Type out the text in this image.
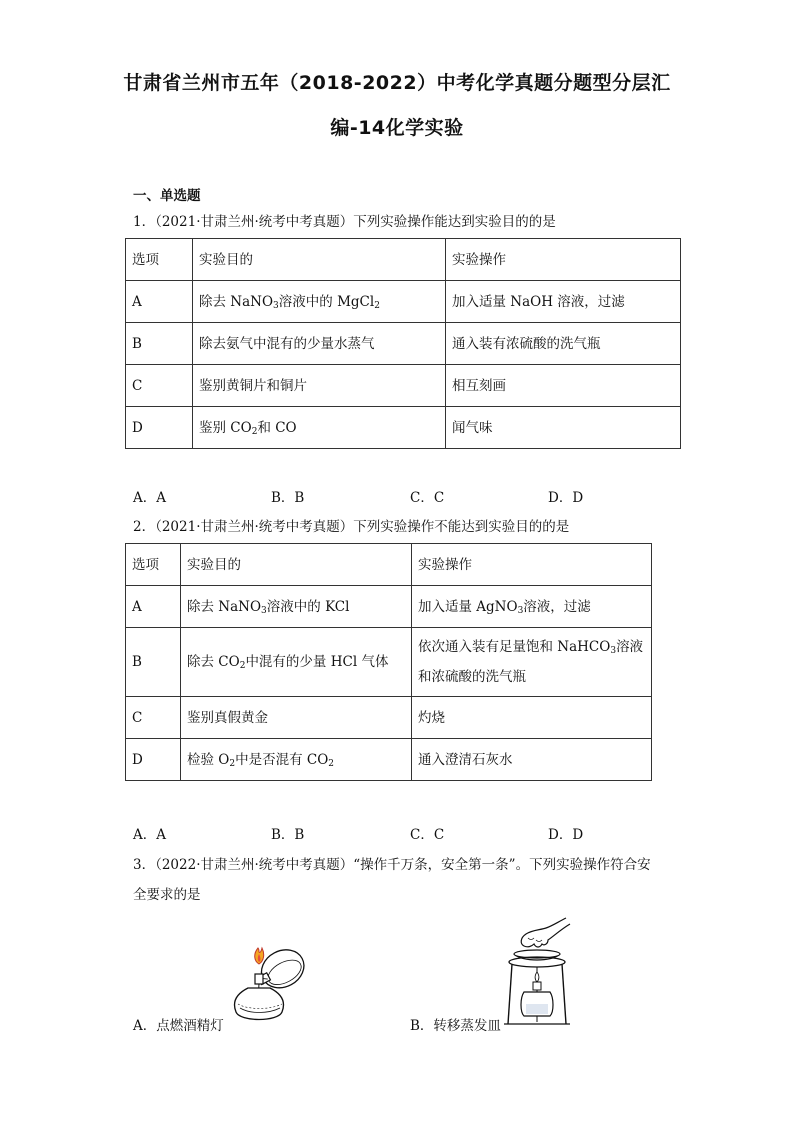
甘肃省兰州市五年（2018-2022）中考化学真题分题型分层汇
编-14化学实验
一、单选题
1．（2021·甘肃兰州·统考中考真题）下列实验操作能达到实验目的的是
选项	实验目的	实验操作
A	除去 NaNO$_3$溶液中的 MgCl$_2$	加入适量 NaOH 溶液，过滤
B	除去氨气中混有的少量水蒸气	通入装有浓硫酸的洗气瓶
C	鉴别黄铜片和铜片	相互刻画
D	鉴别 $CO_2$和 CO	闻气味
A．A	B．B	C．C	D．D
2．（2021·甘肃兰州·统考中考真题）下列实验操作不能达到实验目的的是
选项	实验目的	实验操作
A	除去 NaNO$_3$溶液中的 KCl	加入适量 AgNO$_3$溶液，过滤
B	除去 $CO_2$中混有的少量 HCl 气体	依次通入装有足量饱和 NaHCO$_3$溶液
和浓硫酸的洗气瓶
C	鉴别真假黄金	灼烧
D	检验 $O_2$中是否混有 $CO_2$	通入澄清石灰水
A．A	B．B	C．C	D．D
3．（2022·甘肃兰州·统考中考真题）“操作千万条，安全第一条”。下列实验操作符合安
全要求的是
A．点燃酒精灯	B．转移蒸发皿
